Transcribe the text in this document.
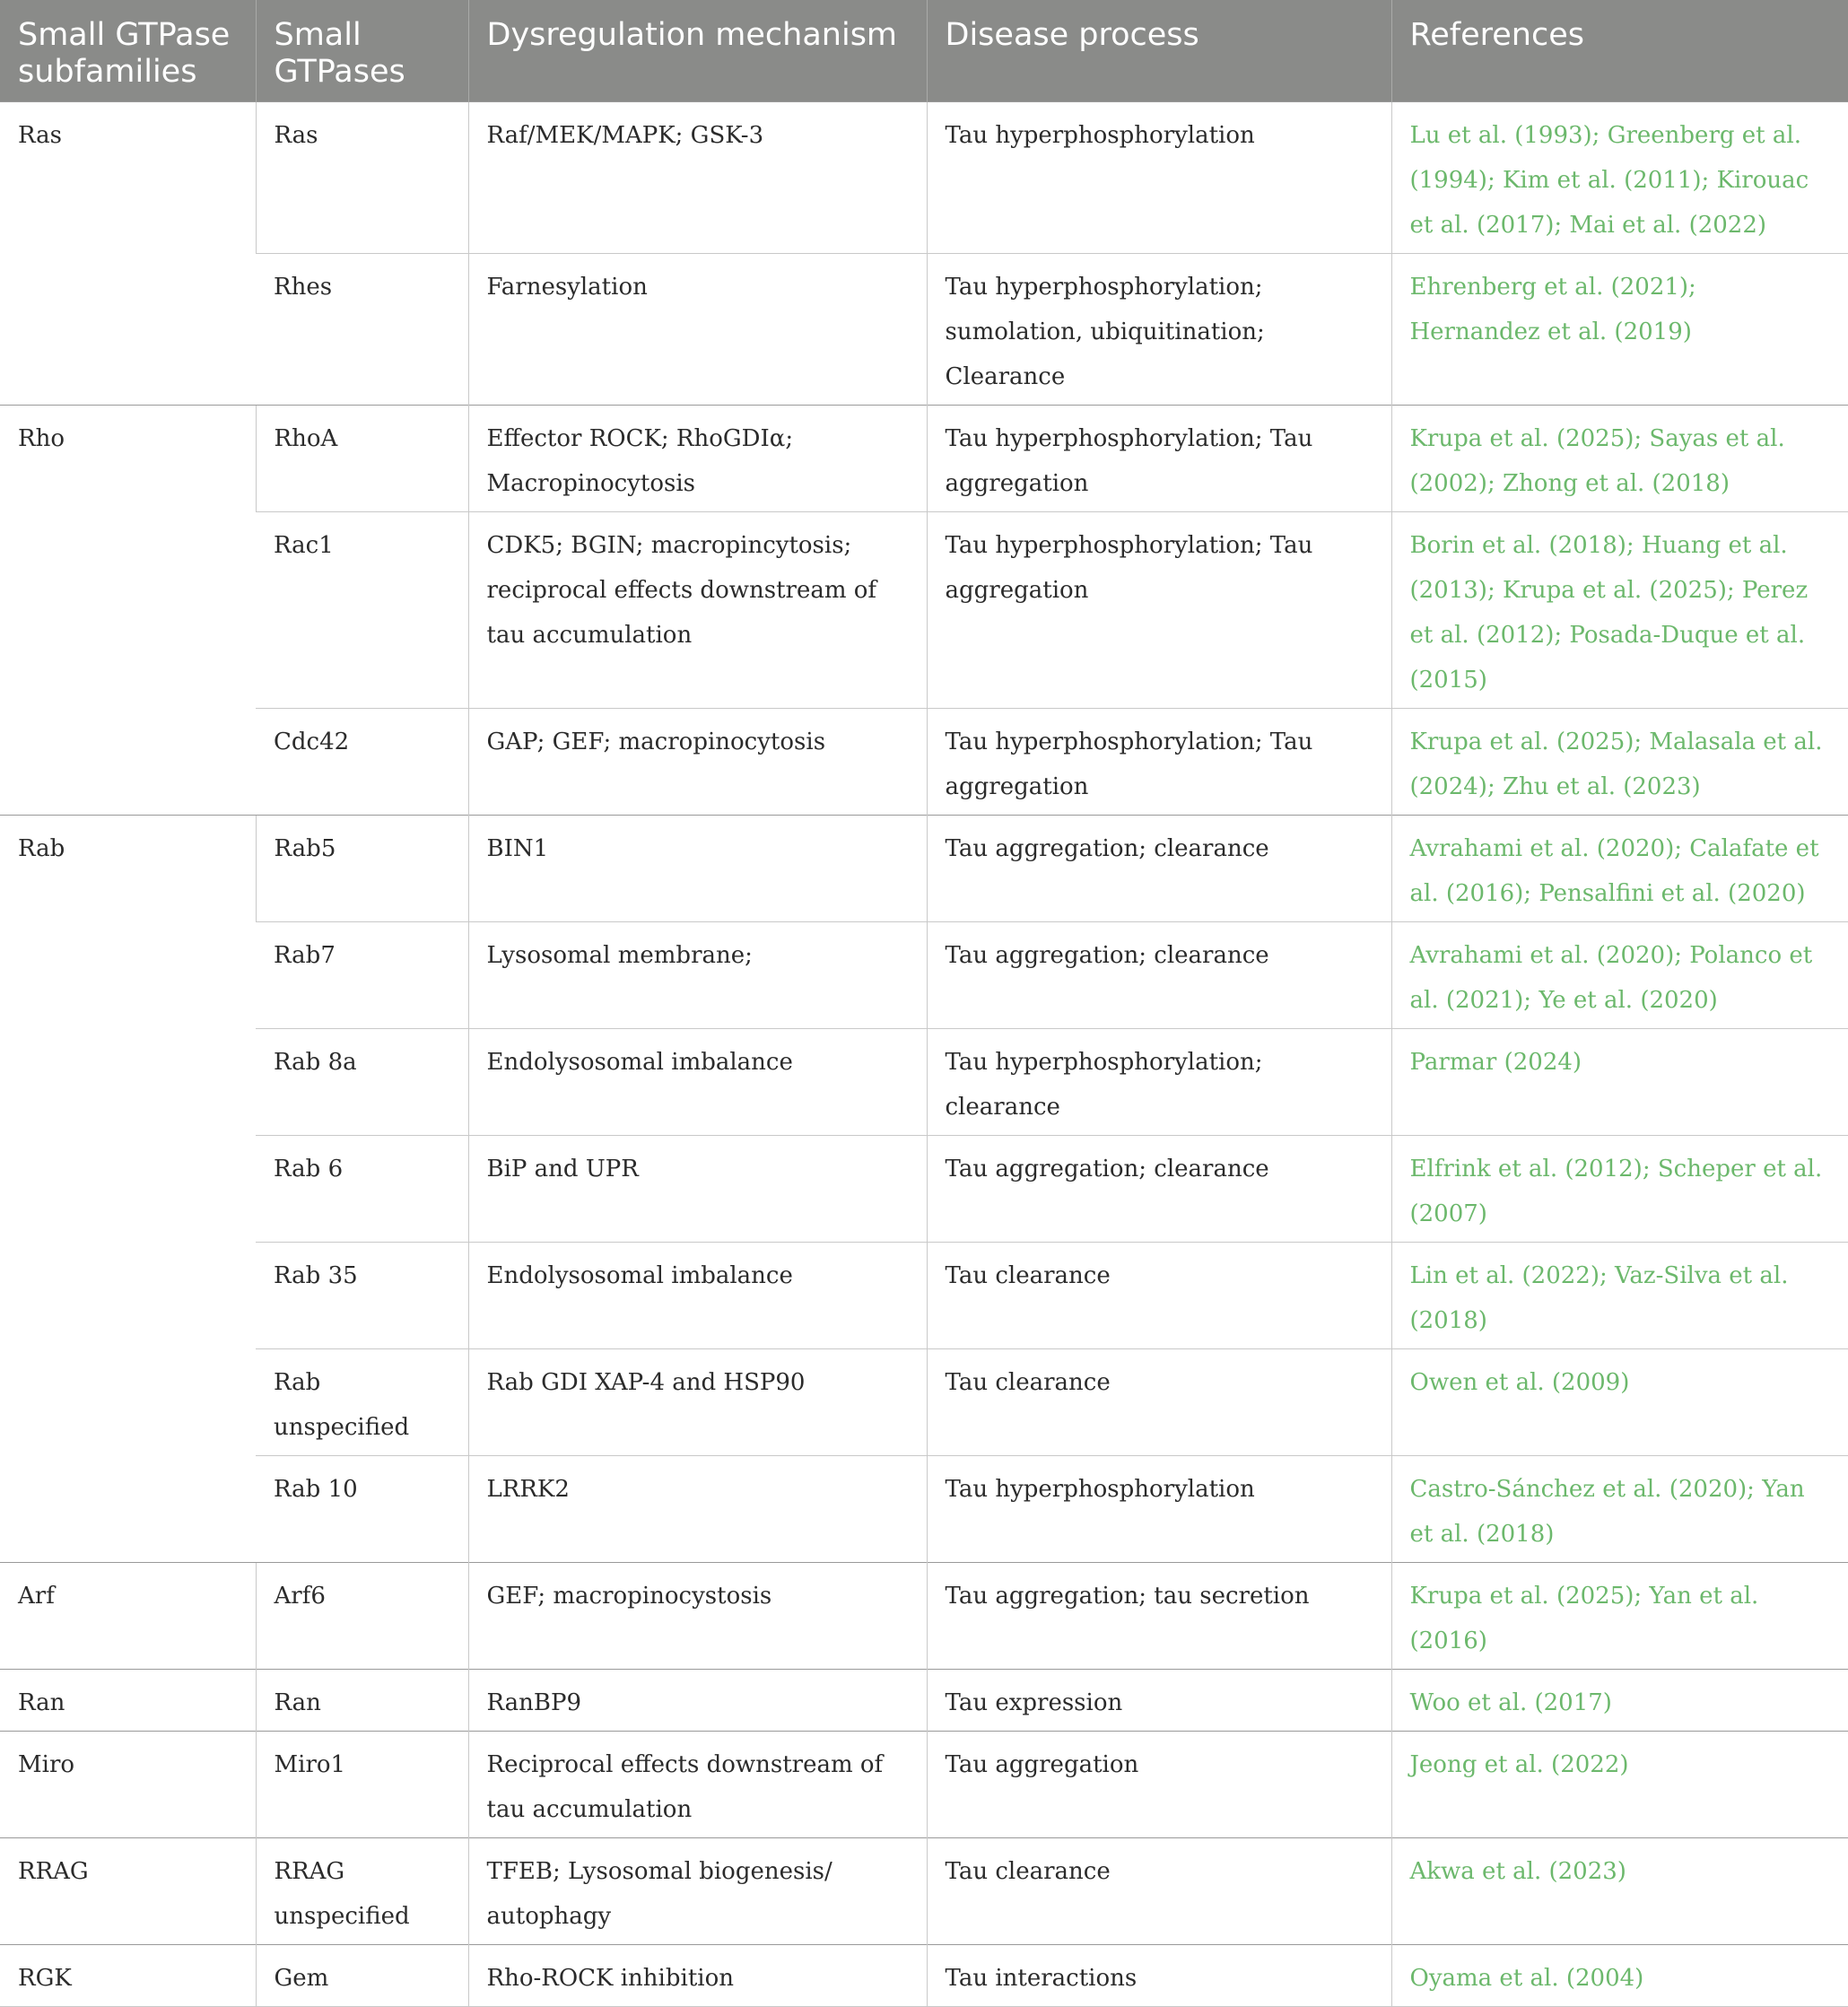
Small GTPase subfamilies	Small GTPases	Dysregulation mechanism	Disease process	References
Ras	Ras	Raf/MEK/MAPK; GSK-3	Tau hyperphosphorylation	Lu et al. (1993); Greenberg et al. (1994); Kim et al. (2011); Kirouac et al. (2017); Mai et al. (2022)
	Rhes	Farnesylation	Tau hyperphosphorylation; sumolation, ubiquitination; Clearance	Ehrenberg et al. (2021); Hernandez et al. (2019)
Rho	RhoA	Effector ROCK; RhoGDIα; Macropinocytosis	Tau hyperphosphorylation; Tau aggregation	Krupa et al. (2025); Sayas et al. (2002); Zhong et al. (2018)
	Rac1	CDK5; BGIN; macropincytosis; reciprocal effects downstream of tau accumulation	Tau hyperphosphorylation; Tau aggregation	Borin et al. (2018); Huang et al. (2013); Krupa et al. (2025); Perez et al. (2012); Posada-Duque et al. (2015)
	Cdc42	GAP; GEF; macropinocytosis	Tau hyperphosphorylation; Tau aggregation	Krupa et al. (2025); Malasala et al. (2024); Zhu et al. (2023)
Rab	Rab5	BIN1	Tau aggregation; clearance	Avrahami et al. (2020); Calafate et al. (2016); Pensalfini et al. (2020)
	Rab7	Lysosomal membrane;	Tau aggregation; clearance	Avrahami et al. (2020); Polanco et al. (2021); Ye et al. (2020)
	Rab 8a	Endolysosomal imbalance	Tau hyperphosphorylation; clearance	Parmar (2024)
	Rab 6	BiP and UPR	Tau aggregation; clearance	Elfrink et al. (2012); Scheper et al. (2007)
	Rab 35	Endolysosomal imbalance	Tau clearance	Lin et al. (2022); Vaz-Silva et al. (2018)
	Rab unspecified	Rab GDI XAP-4 and HSP90	Tau clearance	Owen et al. (2009)
	Rab 10	LRRK2	Tau hyperphosphorylation	Castro-Sánchez et al. (2020); Yan et al. (2018)
Arf	Arf6	GEF; macropinocystosis	Tau aggregation; tau secretion	Krupa et al. (2025); Yan et al. (2016)
Ran	Ran	RanBP9	Tau expression	Woo et al. (2017)
Miro	Miro1	Reciprocal effects downstream of tau accumulation	Tau aggregation	Jeong et al. (2022)
RRAG	RRAG unspecified	TFEB; Lysosomal biogenesis/ autophagy	Tau clearance	Akwa et al. (2023)
RGK	Gem	Rho-ROCK inhibition	Tau interactions	Oyama et al. (2004)
